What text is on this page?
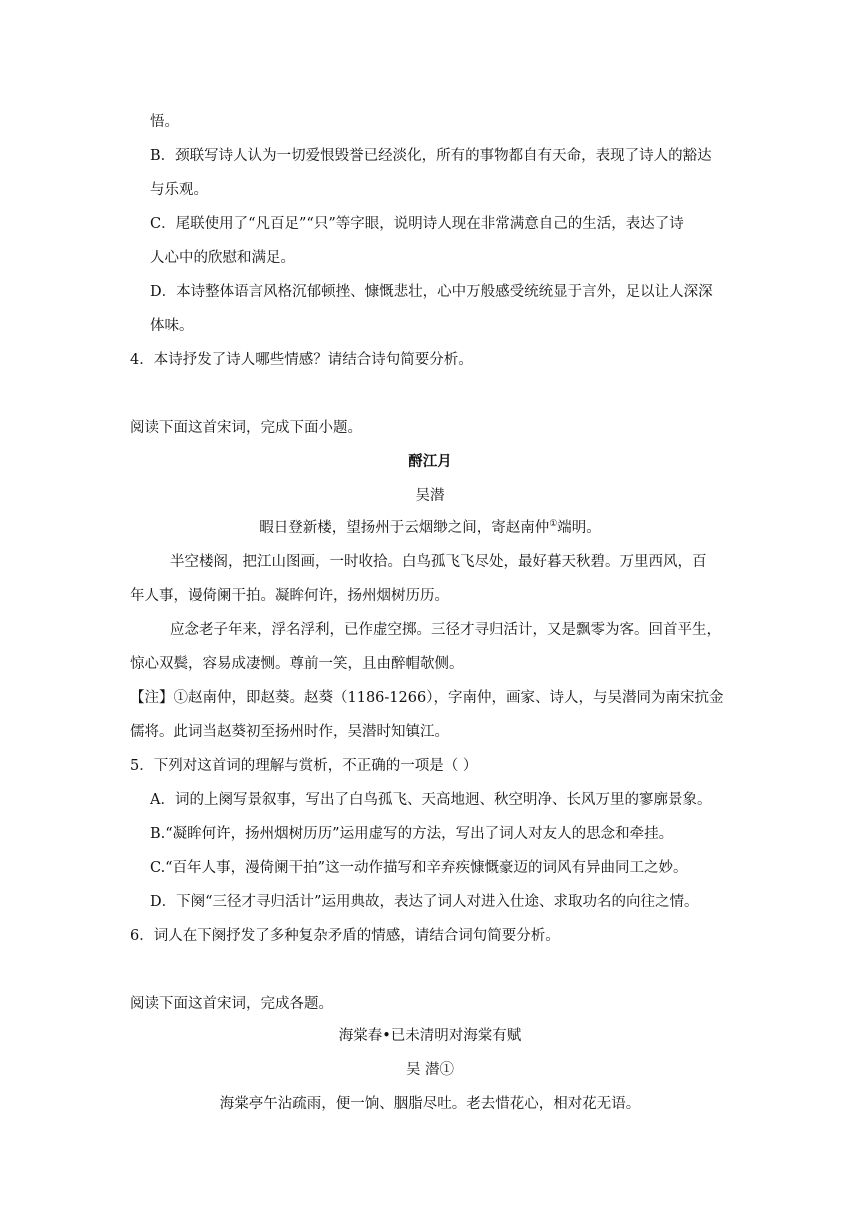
悟。
B．颈联写诗人认为一切爱恨毁誉已经淡化，所有的事物都自有天命，表现了诗人的豁达
与乐观。
C．尾联使用了“凡百足”“只”等字眼，说明诗人现在非常满意自己的生活，表达了诗
人心中的欣慰和满足。
D．本诗整体语言风格沉郁顿挫、慷慨悲壮，心中万般感受统统显于言外，足以让人深深
体味。
4．本诗抒发了诗人哪些情感？请结合诗句简要分析。
阅读下面这首宋词，完成下面小题。
酹江月
吴潜
暇日登新楼，望扬州于云烟缈之间，寄赵南仲①端明。
半空楼阁，把江山图画，一时收拾。白鸟孤飞飞尽处，最好暮天秋碧。万里西风，百
年人事，谩倚阑干拍。凝眸何许，扬州烟树历历。
应念老子年来，浮名浮利，已作虚空掷。三径才寻归活计，又是飘零为客。回首平生，
惊心双鬓，容易成凄恻。尊前一笑，且由醉帽欹侧。
【注】①赵南仲，即赵葵。赵葵（1186-1266），字南仲，画家、诗人，与吴潜同为南宋抗金
儒将。此词当赵葵初至扬州时作，吴潜时知镇江。
5．下列对这首词的理解与赏析，不正确的一项是（ ）
A．词的上阕写景叙事，写出了白鸟孤飞、天高地迥、秋空明净、长风万里的寥廓景象。
B.“凝眸何许，扬州烟树历历”运用虚写的方法，写出了词人对友人的思念和牵挂。
C.“百年人事，漫倚阑干拍”这一动作描写和辛弃疾慷慨豪迈的词风有异曲同工之妙。
D．下阕“三径才寻归活计”运用典故，表达了词人对进入仕途、求取功名的向往之情。
6．词人在下阕抒发了多种复杂矛盾的情感，请结合词句简要分析。
阅读下面这首宋词，完成各题。
海棠春•已未清明对海棠有赋
吴 潜①
海棠亭午沾疏雨，便一饷、胭脂尽吐。老去惜花心，相对花无语。
